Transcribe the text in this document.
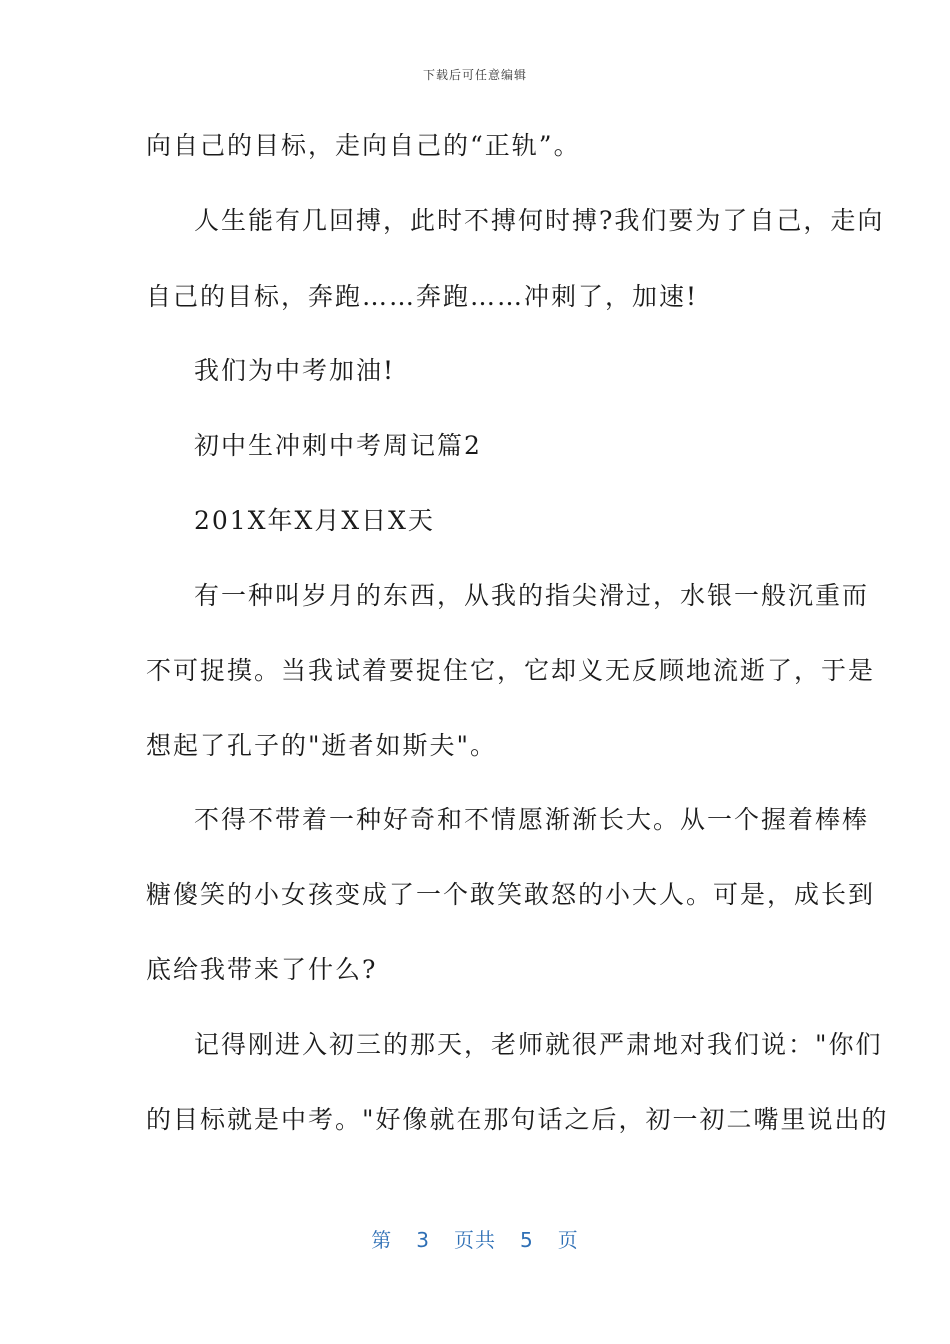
下载后可任意编辑
向自己的目标，走向自己的“正轨”。
人生能有几回搏，此时不搏何时搏?我们要为了自己，走向
自己的目标，奔跑……奔跑……冲刺了，加速!
我们为中考加油!
初中生冲刺中考周记篇2
201X年X月X日X天
有一种叫岁月的东西，从我的指尖滑过，水银一般沉重而
不可捉摸。当我试着要捉住它，它却义无反顾地流逝了，于是
想起了孔子的"逝者如斯夫"。
不得不带着一种好奇和不情愿渐渐长大。从一个握着棒棒
糖傻笑的小女孩变成了一个敢笑敢怒的小大人。可是，成长到
底给我带来了什么?
记得刚进入初三的那天，老师就很严肃地对我们说："你们
的目标就是中考。"好像就在那句话之后，初一初二嘴里说出的
第 3 页共 5 页
